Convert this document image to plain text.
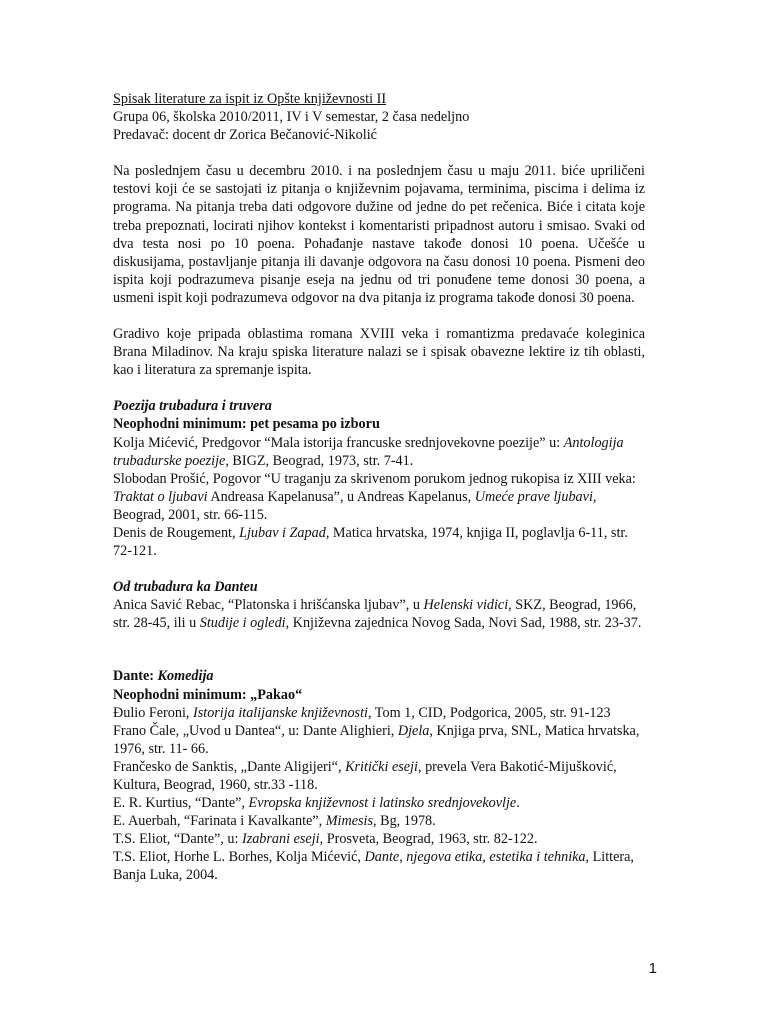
Spisak literature za ispit iz Opšte književnosti II

Grupa 06, školska 2010/2011, IV i V semestar, 2 časa nedeljno

Predavač: docent dr Zorica Bečanović-Nikolić

Na poslednjem času u decembru 2010. i na poslednjem času u maju 2011. biće upriličeni testovi koji će se sastojati iz pitanja o književnim pojavama, terminima, piscima i delima iz programa. Na pitanja treba dati odgovore dužine od jedne do pet rečenica. Biće i citata koje treba prepoznati, locirati njihov kontekst i komentaristi pripadnost autoru i smisao. Svaki od dva testa nosi po 10 poena. Pohađanje nastave takođe donosi 10 poena. Učešće u diskusijama, postavljanje pitanja ili davanje odgovora na času donosi 10 poena. Pismeni deo ispita koji podrazumeva pisanje eseja na jednu od tri ponuđene teme donosi 30 poena, a usmeni ispit koji podrazumeva odgovor na dva pitanja iz programa takođe donosi 30 poena.

Gradivo koje pripada oblastima romana XVIII veka i romantizma predavaće koleginica Brana Miladinov. Na kraju spiska literature nalazi se i spisak obavezne lektire iz tih oblasti, kao i literatura za spremanje ispita.

Poezija trubadura i truvera

Neophodni minimum: pet pesama po izboru

Kolja Mićević, Predgovor “Mala istorija francuske srednjovekovne poezije” u: Antologija trubadurske poezije, BIGZ, Beograd, 1973, str. 7-41.

Slobodan Prošić, Pogovor “U traganju za skrivenom porukom jednog rukopisa iz XIII veka: Traktat o ljubavi Andreasa Kapelanusa”, u Andreas Kapelanus, Umeće prave ljubavi, Beograd, 2001, str. 66-115.

Denis de Rougement, Ljubav i Zapad, Matica hrvatska, 1974, knjiga II, poglavlja 6-11, str. 72-121.

Od trubadura ka Danteu

Anica Savić Rebac, “Platonska i hrišćanska ljubav”, u Helenski vidici, SKZ, Beograd, 1966, str. 28-45, ili u Studije i ogledi, Književna zajednica Novog Sada, Novi Sad, 1988, str. 23-37.

Dante: Komedija

Neophodni minimum: „Pakao“

Đulio Feroni, Istorija italijanske književnosti, Tom 1, CID, Podgorica, 2005, str. 91-123

Frano Čale, „Uvod u Dantea“, u: Dante Alighieri, Djela, Knjiga prva, SNL, Matica hrvatska, 1976, str. 11- 66.

Frančesko de Sanktis, „Dante Aligijeri“, Kritički eseji, prevela Vera Bakotić-Mijušković, Kultura, Beograd, 1960, str.33 -118.

E. R. Kurtius, “Dante”, Evropska književnost i latinsko srednjovekovlje.

E. Auerbah, “Farinata i Kavalkante”, Mimesis, Bg, 1978.

T.S. Eliot, “Dante”, u: Izabrani eseji, Prosveta, Beograd, 1963, str. 82-122.

T.S. Eliot, Horhe L. Borhes, Kolja Mićević, Dante, njegova etika, estetika i tehnika, Littera, Banja Luka, 2004.

1
